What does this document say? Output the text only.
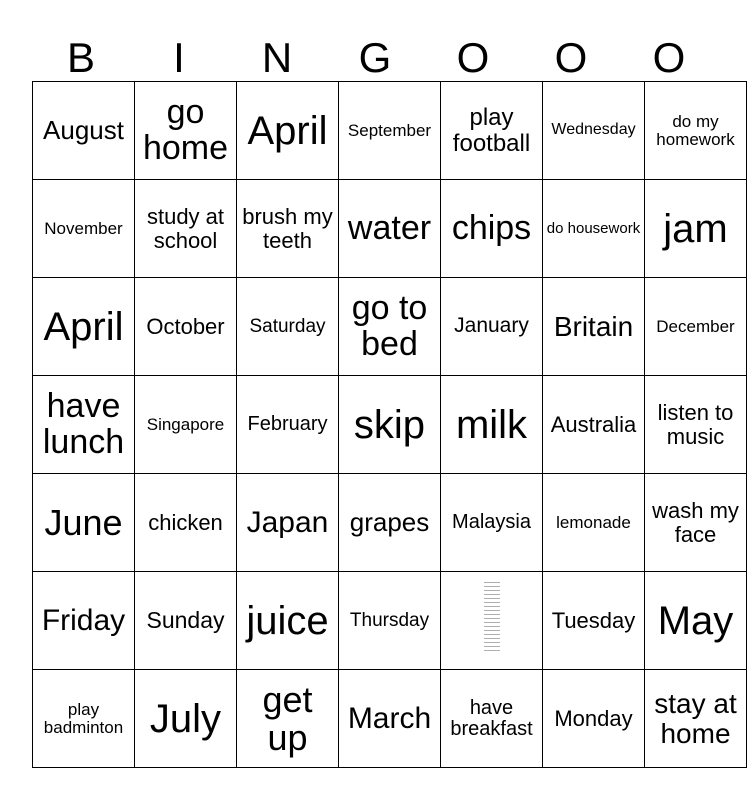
B	I	N	G	O	O	O
August	go home	April	September	play football	Wednesday	do my homework
November	study at school	brush my teeth	water	chips	do housework	jam
April	October	Saturday	go to bed	January	Britain	December
have lunch	Singapore	February	skip	milk	Australia	listen to music
June	chicken	Japan	grapes	Malaysia	lemonade	wash my face
Friday	Sunday	juice	Thursday		Tuesday	May
play badminton	July	get up	March	have breakfast	Monday	stay at home
